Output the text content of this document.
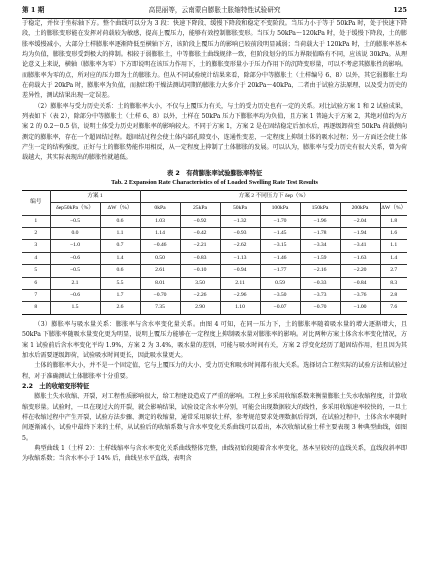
第 1 期	高昆丽等，云南蒙自膨胀土胀缩特性试验研究	125

于稳定，并位于坐标轴下方。整个曲线可以分为 3 段：快速下降段、缓慢下降段和稳定不变阶段。当压力小于等于 50kPa 时，处于快速下降段，土的膨胀变形能在发挥对荷载较为敏感，提高上覆压力，能够有效控制膨胀变形。当压力 50kPa～120kPa 时，处于缓慢下降段，土的膨胀率缓慢减小，大部分土样膨胀率逐渐降低至横轴下方，该阶段上覆压力的影响已较前段明显减弱；当荷载大于 120kPa 时，土的膨胀率基本均为负值，膨胀变形受到极大的抑制。相较于弱膨胀土，中等膨胀土曲线规律一致，但阶段划分的压力界限值略有不同，应该说 30kPa。从理论意义上来说，横轴（膨胀率为零）下方即说明在该压力作用下，土的膨胀变形量小于压力作用下的沉降变形量，可以不考虑其膨胀性的影响。而膨胀率为零的点，所对应的压力即为土的膨胀力。但从不同试验统计结果来看，除部分中等膨胀土（土样编号 6、8）以外，其它弱膨胀土均在荷载大于 20kPa 时，膨胀率为负值，而据红粉干燥法测试同期的膨胀力大多介于 20kPa～40kPa，二者由于试验方法原理、以及受力历史的差异性，测试结果出现一定误差。

（2）膨胀率与受力历史关系：土的膨胀率大小，不仅与上覆压力有关，与土的受力历史也有一定的关系。对比试验方案 1 和 2 试验成果，列表如下（表 2），除部分中等膨胀土（土样 6、8）以外，土样在 50kPa 压力下膨胀率均为负值，且方案 1 普遍大于方案 2，其绝对值约为方案 2 的 0.2～0.5 倍，说明土体受力历史对膨胀率的影响较大。不同于方案 1，方案 2 是在固结稳定后加水后，再逐级卸荷至 50kPa 荷载侧向测定的膨胀率，存在一个超固结过程。超固结过程会使土体内部孔隙变小，连通性变差，一定程度上抑制土体的吸水过程；另一方面还会使土体产生一定的结构强度，正好与土的膨胀势能作用相反，从一定程度上抑制了土体膨胀的发展。可以认为，膨胀率与受力历史有很大关系，曾为荷载越大，其实际表现出的膨胀性就越低。

表 2　有荷膨胀率试验膨胀率特征
Tab. 2 Expansion Rate Characteristics of of Loaded Swelling Rate Test Results
编号	方案 1		方案 2 不同压力下 δep（%）						
	δep50kPa（%）	ΔW（%）	0kPa	25kPa	50kPa	100kPa	150kPa	200kPa	ΔW（%）
1	−0.5	0.6	1.03	−0.92	−1.32	−1.70	−1.96	−2.04	1.8
2	0.0	1.1	1.14	−0.42	−0.93	−1.45	−1.78	−1.94	1.6
3	−1.0	0.7	−0.46	−2.21	−2.62	−3.15	−3.34	−3.41	1.1
4	−0.6	1.4	0.50	−0.83	−1.13	−1.46	−1.59	−1.63	1.4
5	−0.5	0.6	2.61	−0.10	−0.94	−1.77	−2.16	−2.20	2.7
6	2.1	5.5	8.01	3.50	2.11	0.59	−0.33	−0.84	8.3
7	−0.6	1.7	−0.70	−2.26	−2.96	−3.50	−3.73	−3.76	2.8
8	1.5	2.6	7.35	2.90	1.10	−0.07	−0.70	−1.00	7.6

（3）膨胀率与吸水量关系：膨胀率与含水率变化量关系。由图 4 可知，在同一压力下，土的膨胀率随着吸水量的增大逐渐增大，且 50kPa 下膨胀率随吸水量变化更为明显，说明上覆压力能够在一定程度上抑制吸水量对膨胀率的影响。对比两种方案土体含水率变化情况，方案 1 试验前后含水率变化平均 1.9%，方案 2 为 3.4%，吸水量的差别，可能与吸水时间有关，方案 2 浮变化经历了超固结作用，但且因为其加水后需要逐级卸荷，试验吸水时间更长，因此吸水量更大。

土体的膨胀率大小，并不是一个固定值，它与上覆压力的大小、受力历史和吸水时间都有很大关系。选择切合工程实际的试验方法和试验过程，对于准确测试土体膨胀率十分重要。

2.2　土的收缩变形特征

膨胀土失水收缩、开裂，对工程性质影响很大，给工程建设造成了严重的影响。工程上多采用收缩系数来衡量膨胀土失水收缩程度，计算收缩变形量。试验时，一旦在现过大的开裂，就会影响结果，试验设定含水率分别，可能会出现数据较大的线性，多采用收缩速率较快的，一旦土样在收缩过程中产生开裂，试验方法步骤、测定的收缩量，通常采用原状土样，参考规范要求处理数据后得到，在试验过程中，土体含水率随时间逐渐减小，试验中最终下来的土样，从试验后的收缩系数与含水率变化关系曲线可以看出，本次收缩试验土样主要表现 3 种典型曲线，如图 5。

典型曲线 1（土样 2）：土样线缩率与含水率变化关系曲线整体完整，曲线初始段随着含水率变化，基本呈较好的直线关系，直线段斜率即为收缩系数；当含水率小于 14% 后，曲线呈水平直线，表明含
